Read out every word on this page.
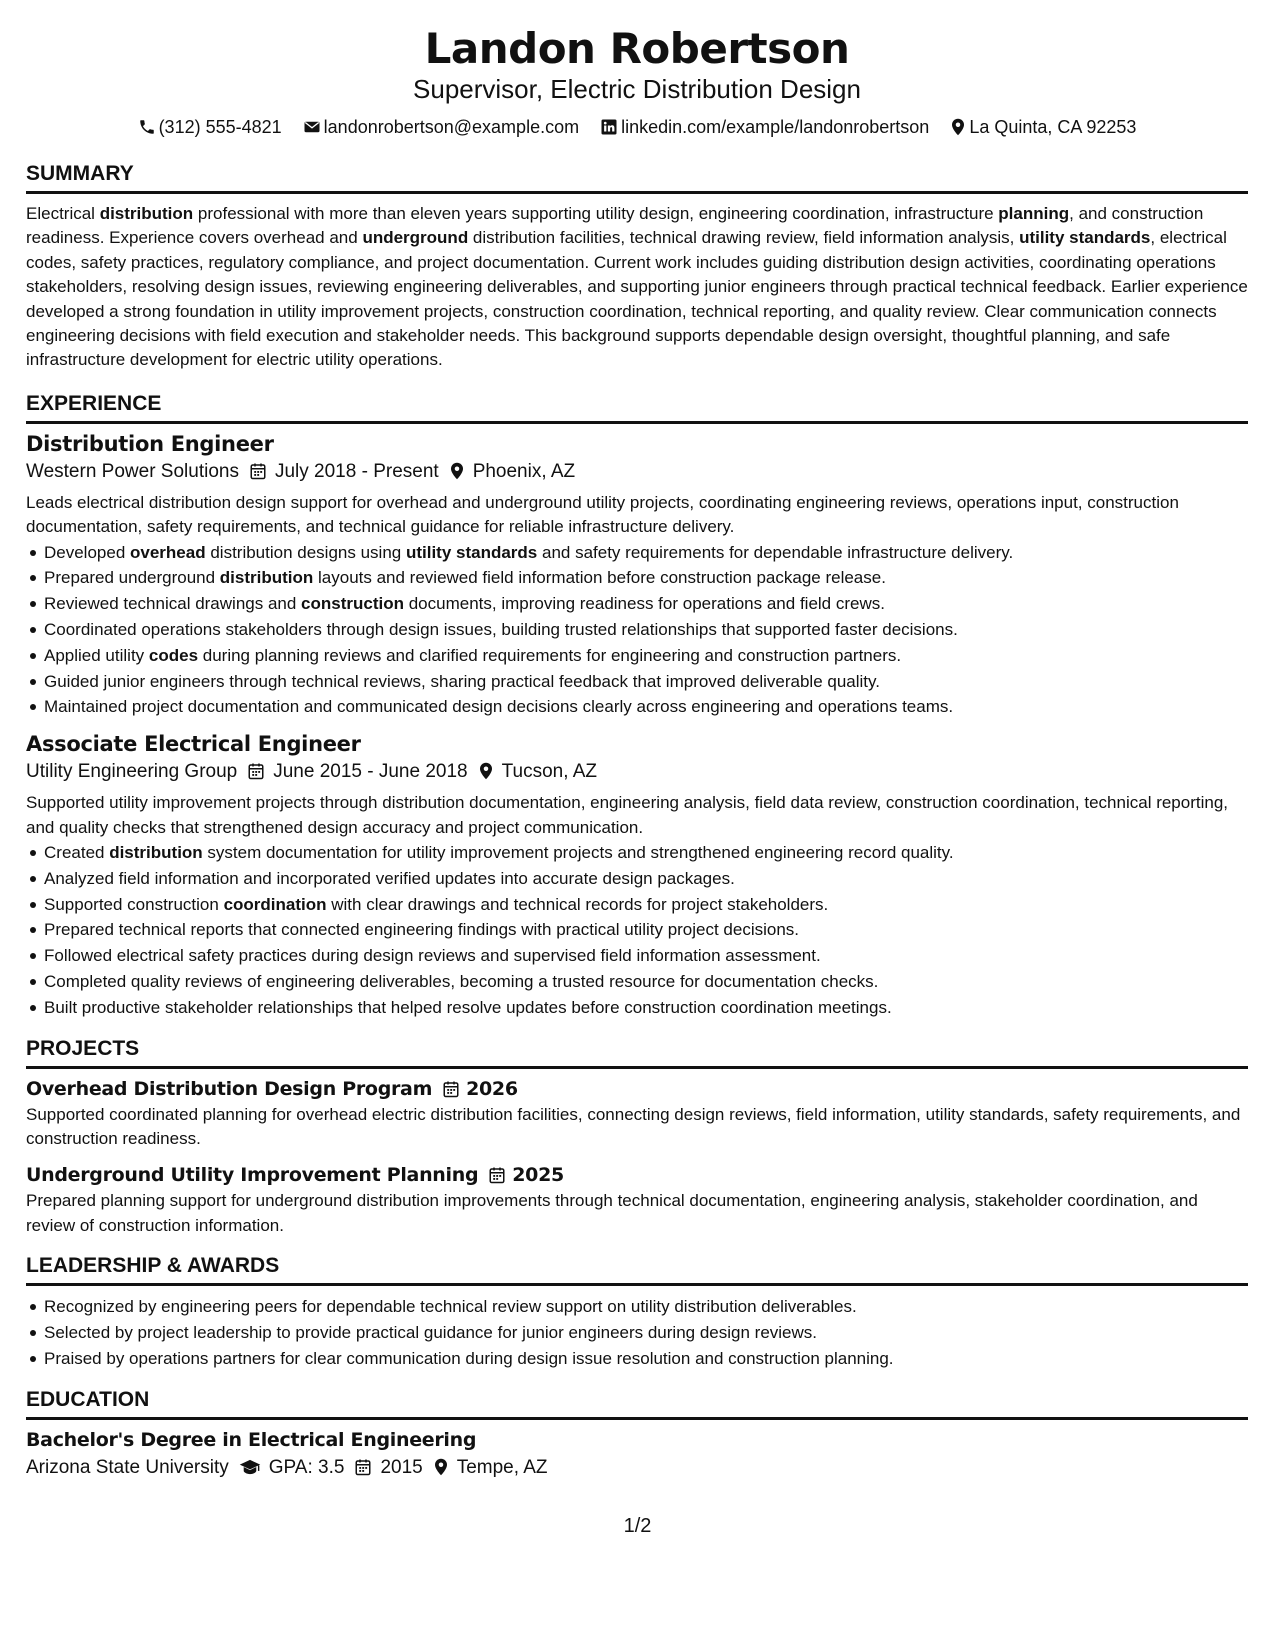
Landon Robertson
Supervisor, Electric Distribution Design
(312) 555-4821 landonrobertson@example.com linkedin.com/example/landonrobertson La Quinta, CA 92253
SUMMARY
Electrical distribution professional with more than eleven years supporting utility design, engineering coordination, infrastructure planning, and construction readiness. Experience covers overhead and underground distribution facilities, technical drawing review, field information analysis, utility standards, electrical codes, safety practices, regulatory compliance, and project documentation. Current work includes guiding distribution design activities, coordinating operations stakeholders, resolving design issues, reviewing engineering deliverables, and supporting junior engineers through practical technical feedback. Earlier experience developed a strong foundation in utility improvement projects, construction coordination, technical reporting, and quality review. Clear communication connects engineering decisions with field execution and stakeholder needs. This background supports dependable design oversight, thoughtful planning, and safe infrastructure development for electric utility operations.
EXPERIENCE
Distribution Engineer
Western Power Solutions July 2018 - Present Phoenix, AZ
Leads electrical distribution design support for overhead and underground utility projects, coordinating engineering reviews, operations input, construction documentation, safety requirements, and technical guidance for reliable infrastructure delivery.
Developed overhead distribution designs using utility standards and safety requirements for dependable infrastructure delivery.
Prepared underground distribution layouts and reviewed field information before construction package release.
Reviewed technical drawings and construction documents, improving readiness for operations and field crews.
Coordinated operations stakeholders through design issues, building trusted relationships that supported faster decisions.
Applied utility codes during planning reviews and clarified requirements for engineering and construction partners.
Guided junior engineers through technical reviews, sharing practical feedback that improved deliverable quality.
Maintained project documentation and communicated design decisions clearly across engineering and operations teams.
Associate Electrical Engineer
Utility Engineering Group June 2015 - June 2018 Tucson, AZ
Supported utility improvement projects through distribution documentation, engineering analysis, field data review, construction coordination, technical reporting, and quality checks that strengthened design accuracy and project communication.
Created distribution system documentation for utility improvement projects and strengthened engineering record quality.
Analyzed field information and incorporated verified updates into accurate design packages.
Supported construction coordination with clear drawings and technical records for project stakeholders.
Prepared technical reports that connected engineering findings with practical utility project decisions.
Followed electrical safety practices during design reviews and supervised field information assessment.
Completed quality reviews of engineering deliverables, becoming a trusted resource for documentation checks.
Built productive stakeholder relationships that helped resolve updates before construction coordination meetings.
PROJECTS
Overhead Distribution Design Program 2026
Supported coordinated planning for overhead electric distribution facilities, connecting design reviews, field information, utility standards, safety requirements, and construction readiness.
Underground Utility Improvement Planning 2025
Prepared planning support for underground distribution improvements through technical documentation, engineering analysis, stakeholder coordination, and review of construction information.
LEADERSHIP & AWARDS
Recognized by engineering peers for dependable technical review support on utility distribution deliverables.
Selected by project leadership to provide practical guidance for junior engineers during design reviews.
Praised by operations partners for clear communication during design issue resolution and construction planning.
EDUCATION
Bachelor's Degree in Electrical Engineering
Arizona State University GPA: 3.5 2015 Tempe, AZ
1/2
